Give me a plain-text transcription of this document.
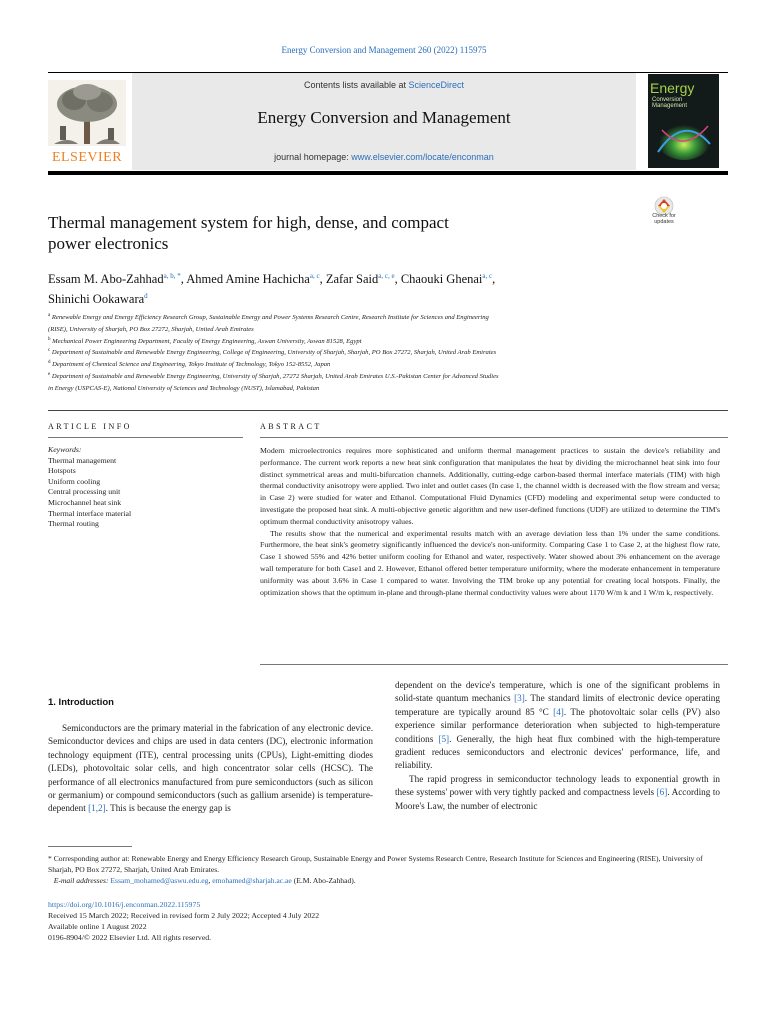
Energy Conversion and Management 260 (2022) 115975
ELSEVIER
Contents lists available at ScienceDirect
Energy Conversion and Management
journal homepage: www.elsevier.com/locate/enconman
Energy
Conversion
Management
Check for
updates
Thermal management system for high, dense, and compact
power electronics
Essam M. Abo-Zahhad$^{a, b, *}$, Ahmed Amine Hachicha$^{a, c}$, Zafar Said$^{a, c, e}$, Chaouki Ghenai$^{a, c}$,
Shinichi Ookawara$^d$
$^a$ Renewable Energy and Energy Efficiency Research Group, Sustainable Energy and Power Systems Research Centre, Research Institute for Sciences and Engineering
(RISE), University of Sharjah, PO Box 27272, Sharjah, United Arab Emirates
$^b$ Mechanical Power Engineering Department, Faculty of Energy Engineering, Aswan University, Aswan 81528, Egypt
$^c$ Department of Sustainable and Renewable Energy Engineering, College of Engineering, University of Sharjah, Sharjah, PO Box 27272, Sharjah, United Arab Emirates
$^d$ Department of Chemical Science and Engineering, Tokyo Institute of Technology, Tokyo 152-8552, Japan
$^e$ Department of Sustainable and Renewable Energy Engineering, University of Sharjah, 27272 Sharjah, United Arab Emirates U.S.-Pakistan Center for Advanced Studies
in Energy (USPCAS-E), National University of Sciences and Technology (NUST), Islamabad, Pakistan
ARTICLE INFO
Keywords:
Thermal management
Hotspots
Uniform cooling
Central processing unit
Microchannel heat sink
Thermal interface material
Thermal routing
ABSTRACT

Modern microelectronics requires more sophisticated and uniform thermal management practices to sustain the device's reliability and performance. The current work reports a new heat sink configuration that manipulates the heat by dividing the microchannel heat sink into four distinct symmetrical areas and multi-bifurcation channels. Additionally, cutting-edge carbon-based thermal interface materials (TIM) with high thermal conductivity anisotropy were applied. Two inlet and outlet cases (In case 1, the channel width is decreased with the flow stream and versa; in Case 2) were studied for water and Ethanol. Computational Fluid Dynamics (CFD) modeling and experimental setup were conducted to investigate the proposed heat sink. A multi-objective genetic algorithm and new user-defined functions (UDF) are utilized to determine the TIM's optimum thermal conductivity anisotropy values.

The results show that the numerical and experimental results match with an average deviation less than 1% under the same conditions. Furthermore, the heat sink's geometry significantly influenced the device's non-uniformity. Comparing Case 1 to Case 2, at the highest flow rate, Case 1 showed 55% and 42% better uniform cooling for Ethanol and water, respectively. Water showed about 3% enhancement on the average wall temperature for both Case1 and 2. However, Ethanol offered better temperature uniformity, where the moderate enhancement in temperature uniformity was about 3.6% in Case 1 compared to water. Involving the TIM broke up any potential for creating local hotspots. Finally, the optimization shows that the optimum in-plane and through-plane thermal conductivity values were about 1170 W/m k and 1 W/m k, respectively.

1. Introduction

Semiconductors are the primary material in the fabrication of any electronic device. Semiconductor devices and chips are used in data centers (DC), electronic information technology equipment (ITE), central processing units (CPUs), Light-emitting diodes (LEDs), photovoltaic solar cells, and high concentrator solar cells (HCSC). The performance of all electronics manufactured from pure semiconductors (such as silicon or germanium) or compound semiconductors (such as gallium arsenide) is temperature-dependent [1,2]. This is because the energy gap is

dependent on the device's temperature, which is one of the significant problems in solid-state quantum mechanics [3]. The standard limits of electronic device operating temperature are typically around 85 °C [4]. The photovoltaic solar cells (PV) also experience similar performance deterioration when subjected to high-temperature conditions [5]. Generally, the high heat flux combined with the high-temperature gradient reduces semiconductors and electronic devices' performance, life, and reliability.

The rapid progress in semiconductor technology leads to exponential growth in these systems' power with very tightly packed and compactness levels [6]. According to Moore's Law, the number of electronic

* Corresponding author at: Renewable Energy and Energy Efficiency Research Group, Sustainable Energy and Power Systems Research Centre, Research Institute for Sciences and Engineering (RISE), University of Sharjah, PO Box 27272, Sharjah, United Arab Emirates.
E-mail addresses: Essam_mohamed@aswu.edu.eg, emohamed@sharjah.ac.ae (E.M. Abo-Zahhad).
https://doi.org/10.1016/j.enconman.2022.115975
Received 15 March 2022; Received in revised form 2 July 2022; Accepted 4 July 2022
Available online 1 August 2022
0196-8904/© 2022 Elsevier Ltd. All rights reserved.
